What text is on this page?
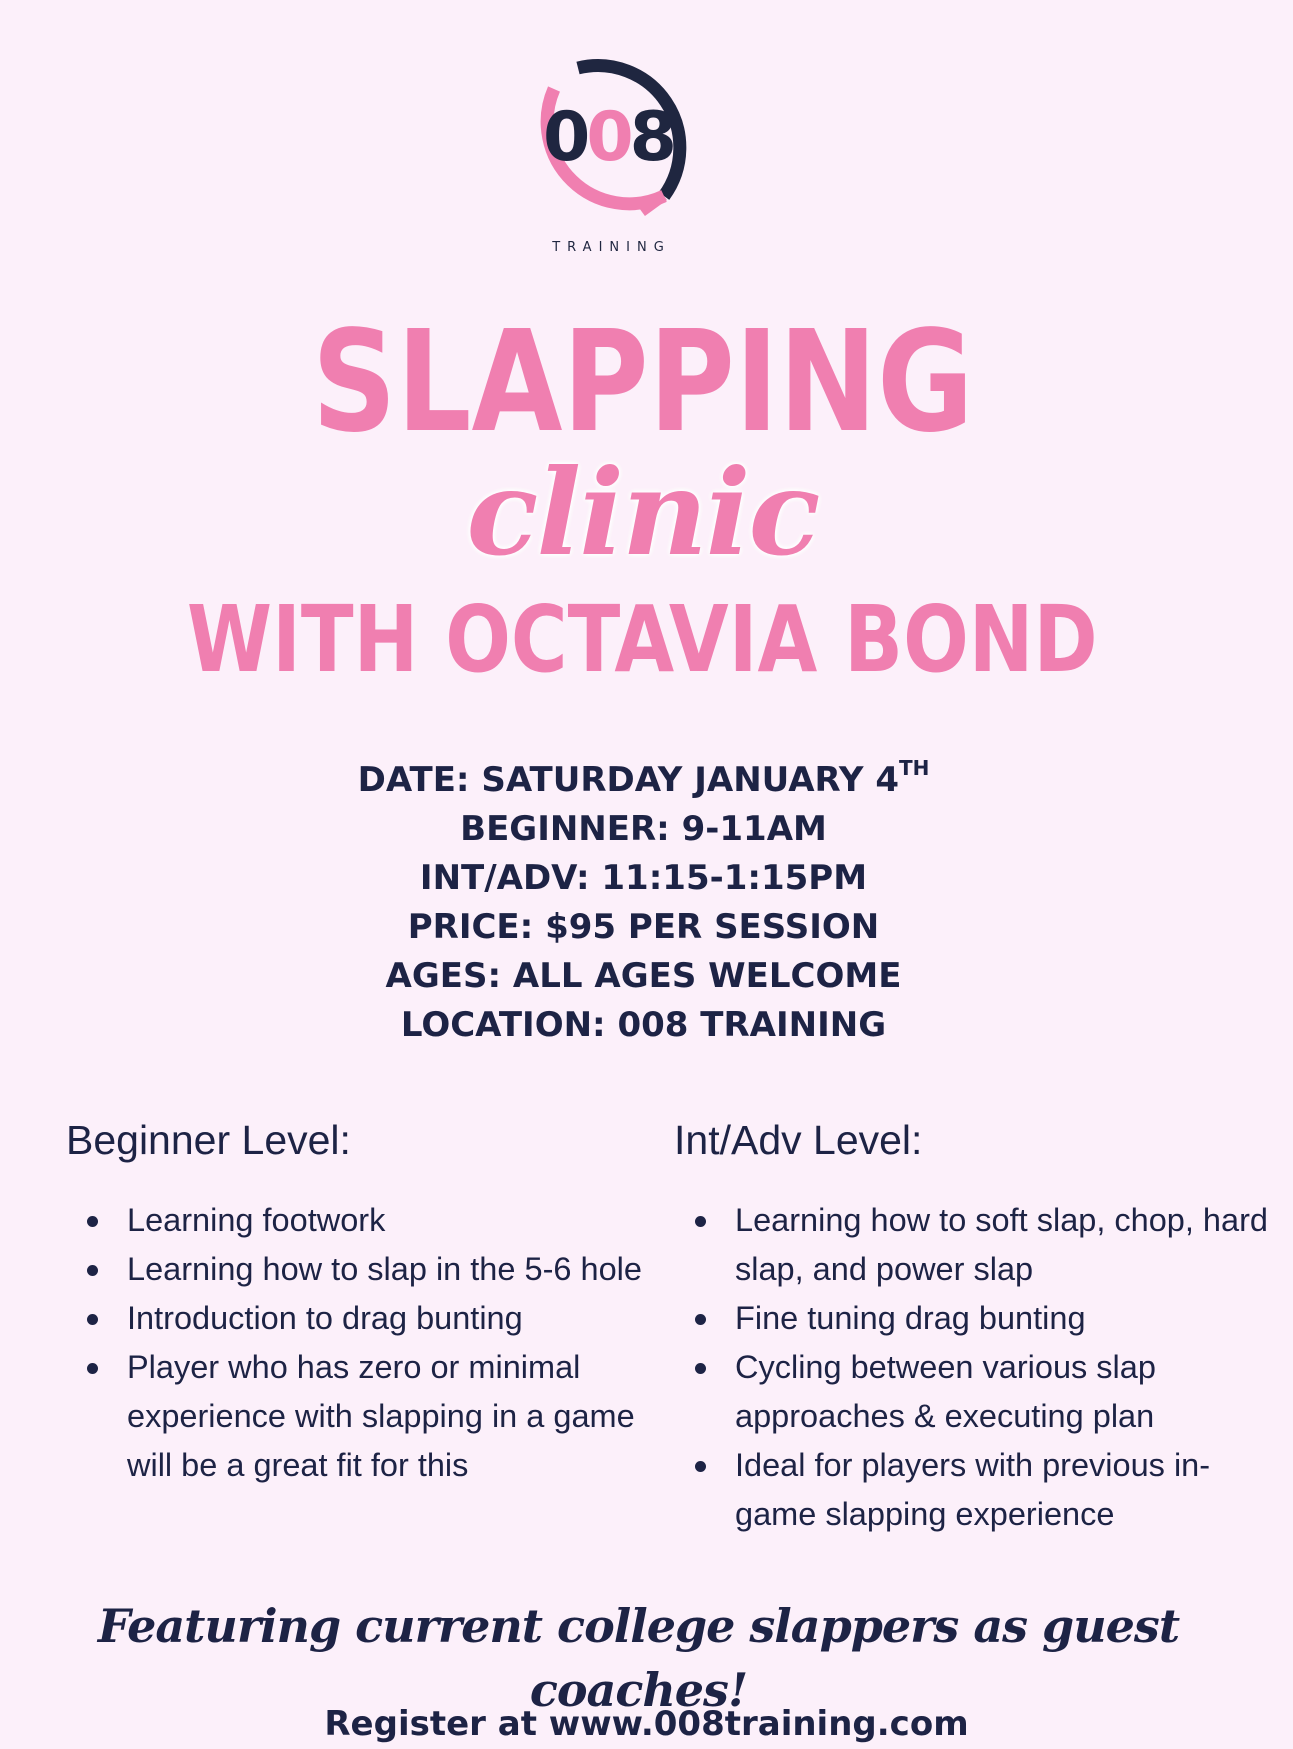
0 0 8
TRAINING
SLAPPING
clinic
WITH OCTAVIA BOND
DATE: SATURDAY JANUARY 4TH
BEGINNER: 9-11AM
INT/ADV: 11:15-1:15PM
PRICE: $95 PER SESSION
AGES: ALL AGES WELCOME
LOCATION: 008 TRAINING
Beginner Level:
Learning footwork
Learning how to slap in the 5-6 hole
Introduction to drag bunting
Player who has zero or minimal experience with slapping in a game will be a great fit for this
Int/Adv Level:
Learning how to soft slap, chop, hard slap, and power slap
Fine tuning drag bunting
Cycling between various slap approaches & executing plan
Ideal for players with previous in-game slapping experience
Featuring current college slappers as guest coaches!
Register at www.008training.com
